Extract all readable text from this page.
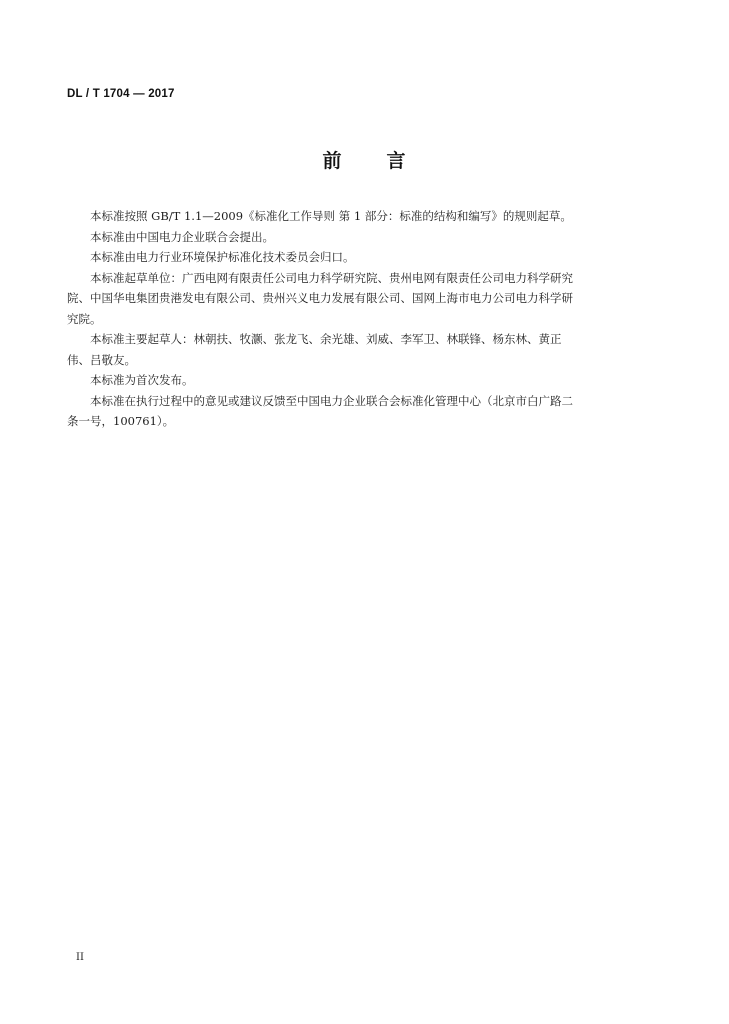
DL / T 1704 — 2017
前 言

本标准按照 GB/T 1.1—2009《标准化工作导则 第 1 部分：标准的结构和编写》的规则起草。

本标准由中国电力企业联合会提出。

本标准由电力行业环境保护标准化技术委员会归口。

本标准起草单位：广西电网有限责任公司电力科学研究院、贵州电网有限责任公司电力科学研究
院、中国华电集团贵港发电有限公司、贵州兴义电力发展有限公司、国网上海市电力公司电力科学研
究院。

本标准主要起草人：林朝扶、牧灏、张龙飞、余光雄、刘威、李军卫、林联锋、杨东林、黄正
伟、吕敬友。

本标准为首次发布。

本标准在执行过程中的意见或建议反馈至中国电力企业联合会标准化管理中心（北京市白广路二
条一号，100761）。

II
